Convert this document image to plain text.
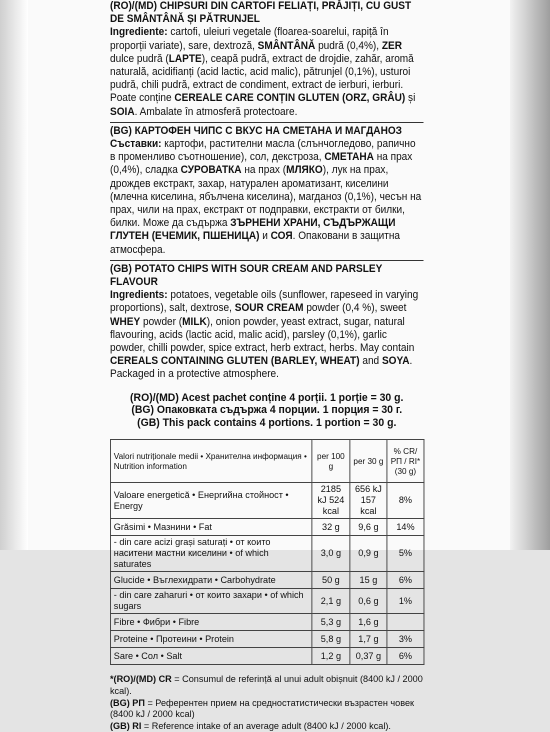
(RO)/(MD) CHIPSURI DIN CARTOFI FELIAȚI, PRĂJIȚI, CU GUST DE SMÂNTÂNĂ ȘI PĂTRUNJEL

Ingrediente: cartofi, uleiuri vegetale (floarea-soarelui, rapiță în proporții variate), sare, dextroză, SMÂNTÂNĂ pudră (0,4%), ZER dulce pudră (LAPTE), ceapă pudră, extract de drojdie, zahăr, aromă naturală, acidifianți (acid lactic, acid malic), pătrunjel (0,1%), usturoi pudră, chili pudră, extract de condiment, extract de ierburi, ierburi. Poate conține CEREALE CARE CONȚIN GLUTEN (ORZ, GRÂU) și SOIA. Ambalate în atmosferă protectoare.

(BG) КАРТОФЕН ЧИПС С ВКУС НА СМЕТАНА И МАГДАНОЗ

Съставки: картофи, растителни масла (слънчогледово, рапично в променливо съотношение), сол, декстроза, СМЕТАНА на прах (0,4%), сладка СУРОВАТКА на прах (МЛЯКО), лук на прах, дрождев екстракт, захар, натурален ароматизант, киселини (млечна киселина, ябълчена киселина), магданоз (0,1%), чесън на прах, чили на прах, екстракт от подправки, екстракти от билки, билки. Може да съдържа ЗЪРНЕНИ ХРАНИ, СЪДЪРЖАЩИ ГЛУТЕН (ЕЧЕМИК, ПШЕНИЦА) и СОЯ. Опаковани в защитна атмосфера.

(GB) POTATO CHIPS WITH SOUR CREAM AND PARSLEY FLAVOUR

Ingredients: potatoes, vegetable oils (sunflower, rapeseed in varying proportions), salt, dextrose, SOUR CREAM powder (0,4 %), sweet WHEY powder (MILK), onion powder, yeast extract, sugar, natural flavouring, acids (lactic acid, malic acid), parsley (0,1%), garlic powder, chilli powder, spice extract, herb extract, herbs. May contain CEREALS CONTAINING GLUTEN (BARLEY, WHEAT) and SOYA. Packaged in a protective atmosphere.

(RO)/(MD) Acest pachet conține 4 porții. 1 porție = 30 g.

(BG) Опаковката съдържа 4 порции. 1 порция = 30 г.

(GB) This pack contains 4 portions. 1 portion = 30 g.

Valori nutriționale medii • Хранителна информация • Nutrition information	per 100 g	per 30 g	% CR/ РП / RI* (30 g)
Valoare energetică • Енергийна стойност • Energy	2185 kJ 524 kcal	656 kJ 157 kcal	8%
Grăsimi • Мазнини • Fat	32 g	9,6 g	14%
- din care acizi grași saturați • от които наситени мастни киселини • of which saturates	3,0 g	0,9 g	5%
Glucide • Въглехидрати • Carbohydrate	50 g	15 g	6%
- din care zaharuri • от които захари • of which sugars	2,1 g	0,6 g	1%
Fibre • Фибри • Fibre	5,3 g	1,6 g	
Proteine • Протеини • Protein	5,8 g	1,7 g	3%
Sare • Сол • Salt	1,2 g	0,37 g	6%

*(RO)/(MD) CR = Consumul de referință al unui adult obișnuit (8400 kJ / 2000 kcal).

(BG) РП = Референтен прием на средностатистически възрастен човек (8400 kJ / 2000 kcal)

(GB) RI = Reference intake of an average adult (8400 kJ / 2000 kcal).
